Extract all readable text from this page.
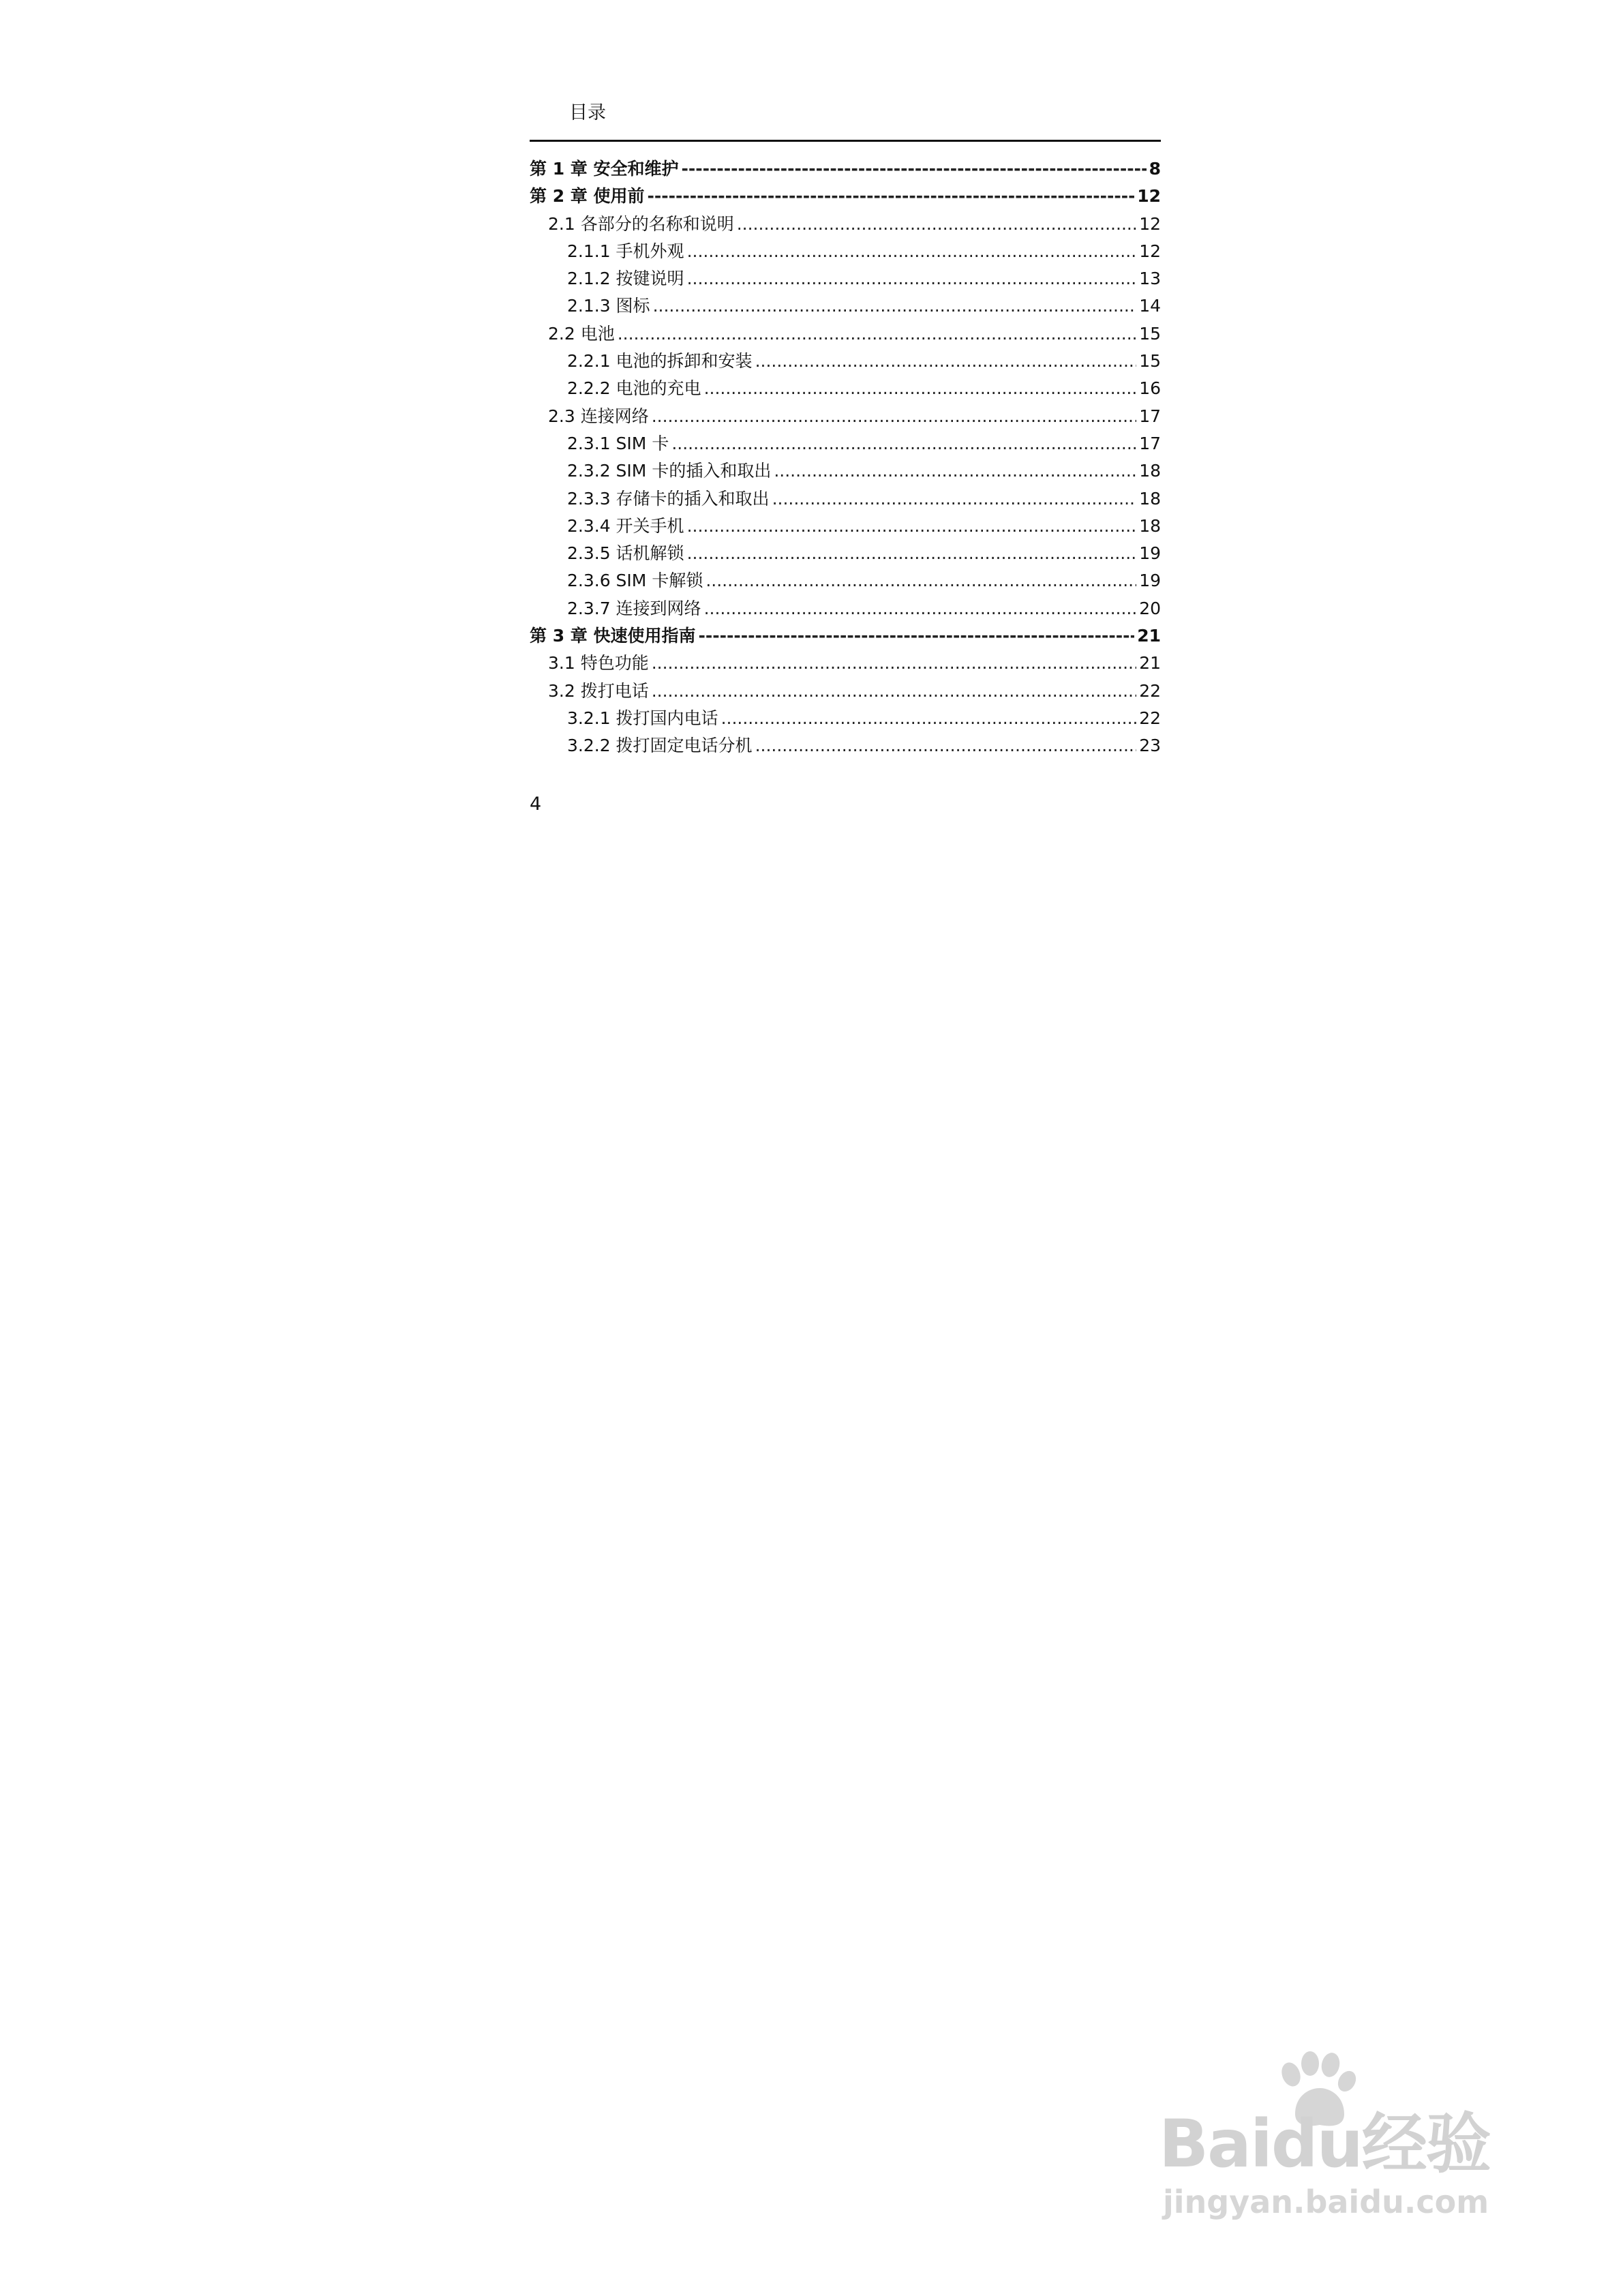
目录
第 1 章 安全和维护 -----	8
第 2 章 使用前 -----	12
2.1 各部分的名称和说明 .....	12
2.1.1 手机外观 .....	12
2.1.2 按键说明 .....	13
2.1.3 图标 .....	14
2.2 电池 .....	15
2.2.1 电池的拆卸和安装 .....	15
2.2.2 电池的充电 .....	16
2.3 连接网络 .....	17
2.3.1 SIM 卡 .....	17
2.3.2 SIM 卡的插入和取出 .....	18
2.3.3 存储卡的插入和取出 .....	18
2.3.4 开关手机 .....	18
2.3.5 话机解锁 .....	19
2.3.6 SIM 卡解锁 .....	19
2.3.7 连接到网络 .....	20
第 3 章 快速使用指南 -----	21
3.1 特色功能 .....	21
3.2 拨打电话 .....	22
3.2.1 拨打国内电话 .....	22
3.2.2 拨打固定电话分机 .....	23
4
Baidu经验
jingyan.baidu.com
